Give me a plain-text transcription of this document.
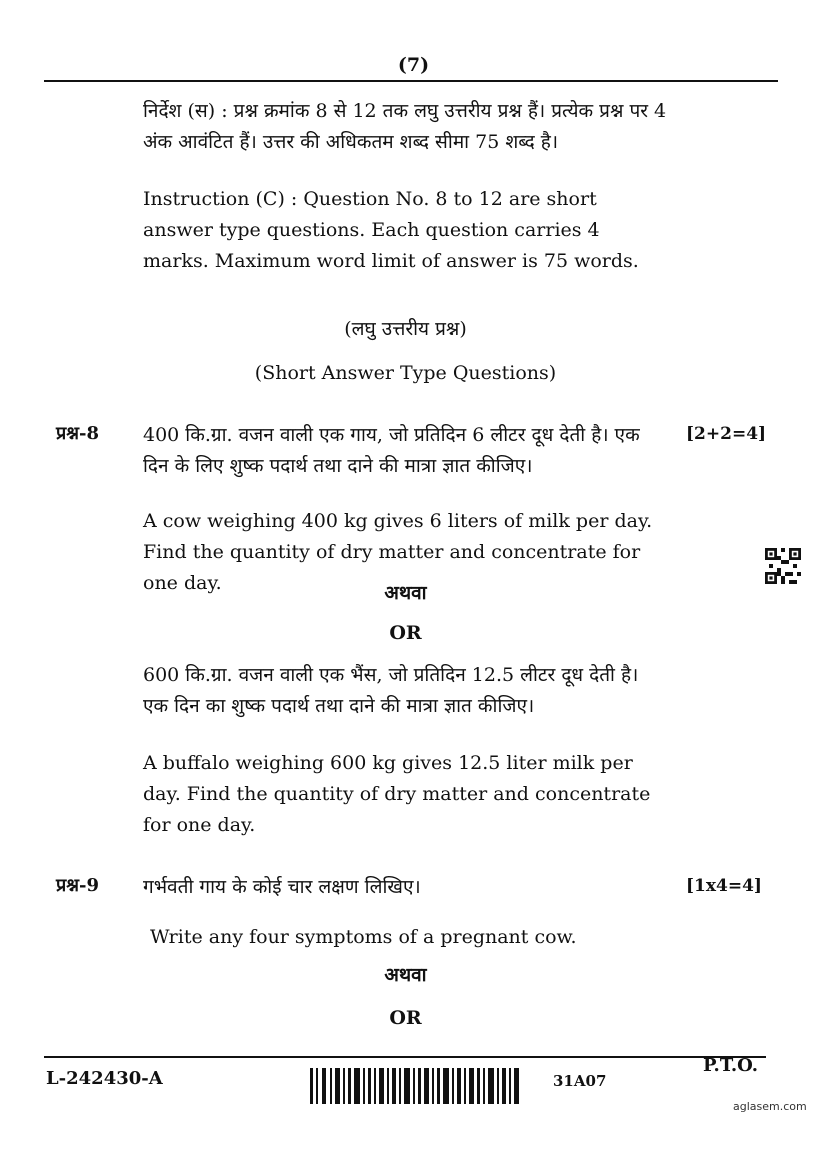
(7)
निर्देश (स) : प्रश्न क्रमांक 8 से 12 तक लघु उत्तरीय प्रश्न हैं। प्रत्येक प्रश्न पर 4 अंक आवंटित हैं। उत्तर की अधिकतम शब्द सीमा 75 शब्द है।
Instruction (C) : Question No. 8 to 12 are short answer type questions. Each question carries 4 marks. Maximum word limit of answer is 75 words.
(लघु उत्तरीय प्रश्न)
(Short Answer Type Questions)
प्रश्न-8	[2+2=4]
400 कि.ग्रा. वजन वाली एक गाय, जो प्रतिदिन 6 लीटर दूध देती है। एक दिन के लिए शुष्क पदार्थ तथा दाने की मात्रा ज्ञात कीजिए।
A cow weighing 400 kg gives 6 liters of milk per day. Find the quantity of dry matter and concentrate for one day.	अथवा
OR
600 कि.ग्रा. वजन वाली एक भैंस, जो प्रतिदिन 12.5 लीटर दूध देती है। एक दिन का शुष्क पदार्थ तथा दाने की मात्रा ज्ञात कीजिए।
A buffalo weighing 600 kg gives 12.5 liter milk per day. Find the quantity of dry matter and concentrate for one day.
प्रश्न-9	[1x4=4]
गर्भवती गाय के कोई चार लक्षण लिखिए।
Write any four symptoms of a pregnant cow.
अथवा
OR
L-242430-A
P.T.O.
31A07
aglasem.com
